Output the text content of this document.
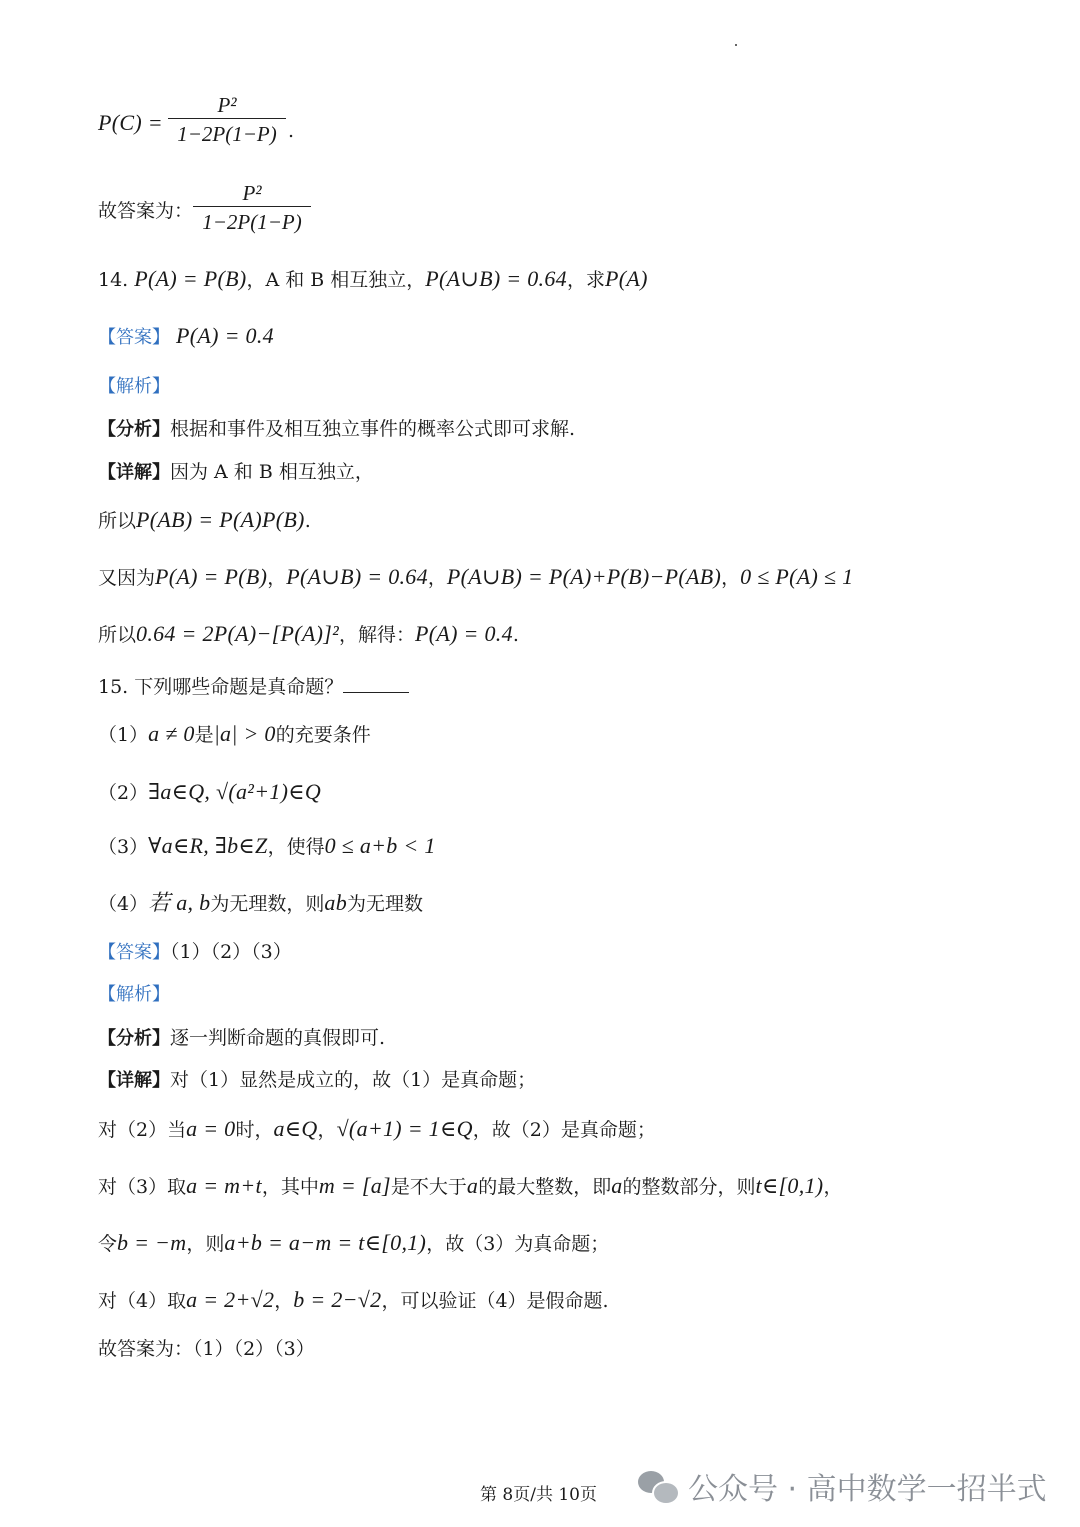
P(C) =
P²
1−2P(1−P) .
故答案为：
P²
1−2P(1−P)
14. P(A) = P(B)，A 和 B 相互独立，P(A∪B) = 0.64，求P(A)
【答案】 P(A) = 0.4
【解析】
【分析】根据和事件及相互独立事件的概率公式即可求解.
【详解】因为 A 和 B 相互独立，
所以P(AB) = P(A)P(B).
又因为P(A) = P(B)，P(A∪B) = 0.64，P(A∪B) = P(A)+P(B)−P(AB)，0 ≤ P(A) ≤ 1
所以0.64 = 2P(A)−[P(A)]²，解得：P(A) = 0.4.
15. 下列哪些命题是真命题？
（1）a ≠ 0是|a| > 0的充要条件
（2）∃a∈Q, √(a²+1)∈Q
（3）∀a∈R, ∃b∈Z，使得0 ≤ a+b < 1
（4）若 a, b为无理数，则ab为无理数
【答案】（1）（2）（3）
【解析】
【分析】逐一判断命题的真假即可.
【详解】对（1）显然是成立的，故（1）是真命题；
对（2）当a = 0时，a∈Q，√(a+1) = 1∈Q，故（2）是真命题；
对（3）取a = m+t，其中m = [a]是不大于a的最大整数，即a的整数部分，则t∈[0,1)，
令b = −m，则a+b = a−m = t∈[0,1)，故（3）为真命题；
对（4）取a = 2+√2，b = 2−√2，可以验证（4）是假命题.
故答案为：（1）（2）（3）
第 8页/共 10页	公众号 · 高中数学一招半式
